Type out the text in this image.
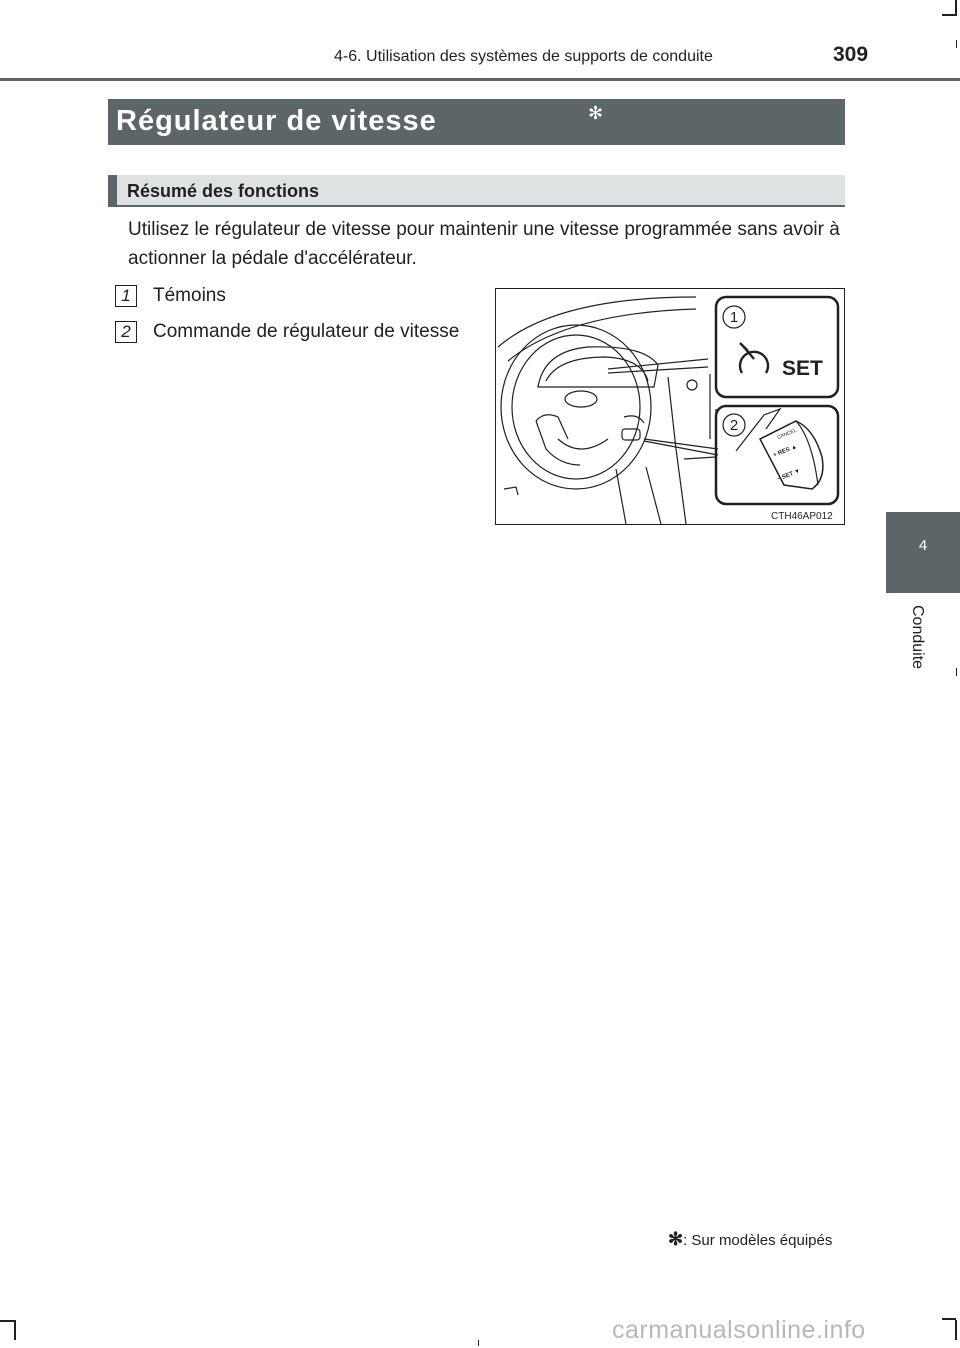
4-6. Utilisation des systèmes de supports de conduite	309
Régulateur de vitesse	✻
Résumé des fonctions

Utilisez le régulateur de vitesse pour maintenir une vitesse programmée sans avoir à actionner la pédale d'accélérateur.

1	Témoins
2	Commande de régulateur de vitesse
1
2
SET
CANCEL
+ RES ▲
− SET ▼
CTH46AP012
4
Conduite
✻: Sur modèles équipés
carmanualsonline.info
